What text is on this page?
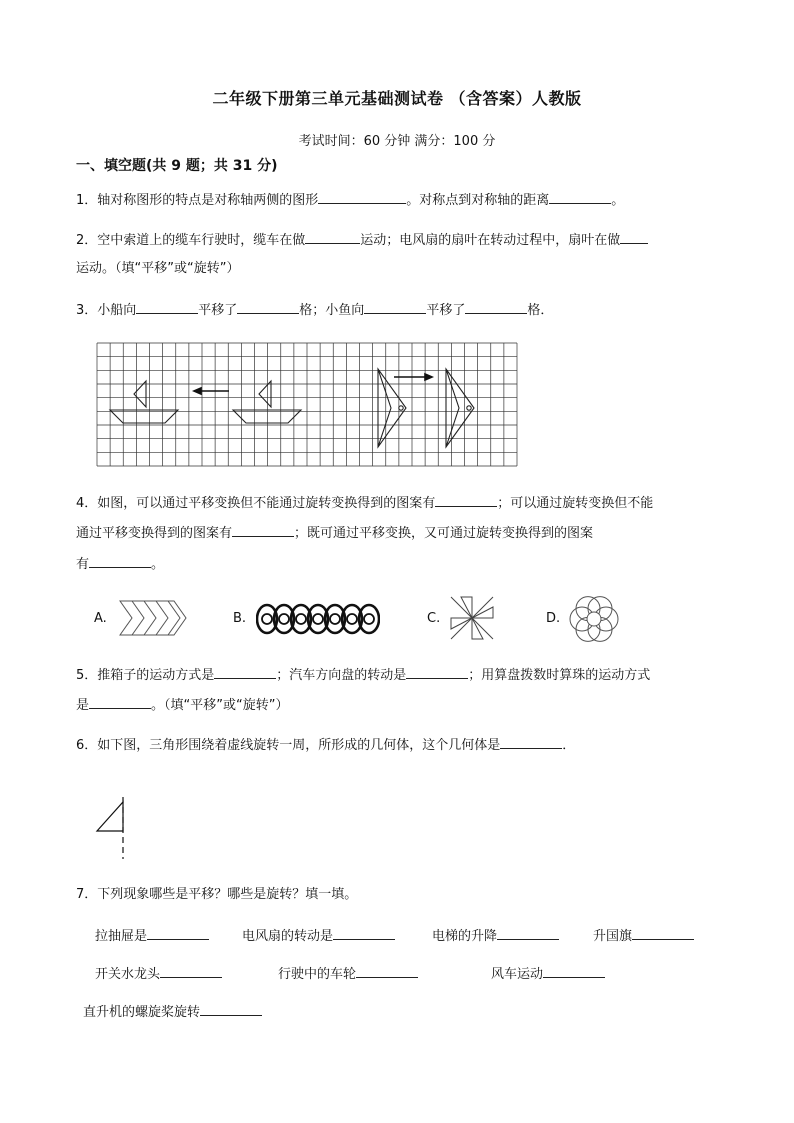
二年级下册第三单元基础测试卷 （含答案）人教版
考试时间：60 分钟 满分：100 分
一、填空题(共 9 题；共 31 分)
1．轴对称图形的特点是对称轴两侧的图形	。对称点到对称轴的距离	。
2．空中索道上的缆车行驶时，缆车在做	运动；电风扇的扇叶在转动过程中，扇叶在做
运动。（填“平移”或“旋转”）
3．小船向	平移了	格；小鱼向	平移了	格．
4．如图，可以通过平移变换但不能通过旋转变换得到的图案有	；可以通过旋转变换但不能
通过平移变换得到的图案有	；既可通过平移变换，又可通过旋转变换得到的图案
有	。
A.	B.	C.	D.
5．推箱子的运动方式是	；汽车方向盘的转动是	；用算盘拨数时算珠的运动方式
是	。（填“平移”或“旋转”）
6．如下图，三角形围绕着虚线旋转一周，所形成的几何体，这个几何体是	．
7．下列现象哪些是平移？哪些是旋转？填一填。
拉抽屉是	电风扇的转动是	电梯的升降	升国旗
开关水龙头	行驶中的车轮	风车运动
直升机的螺旋桨旋转
